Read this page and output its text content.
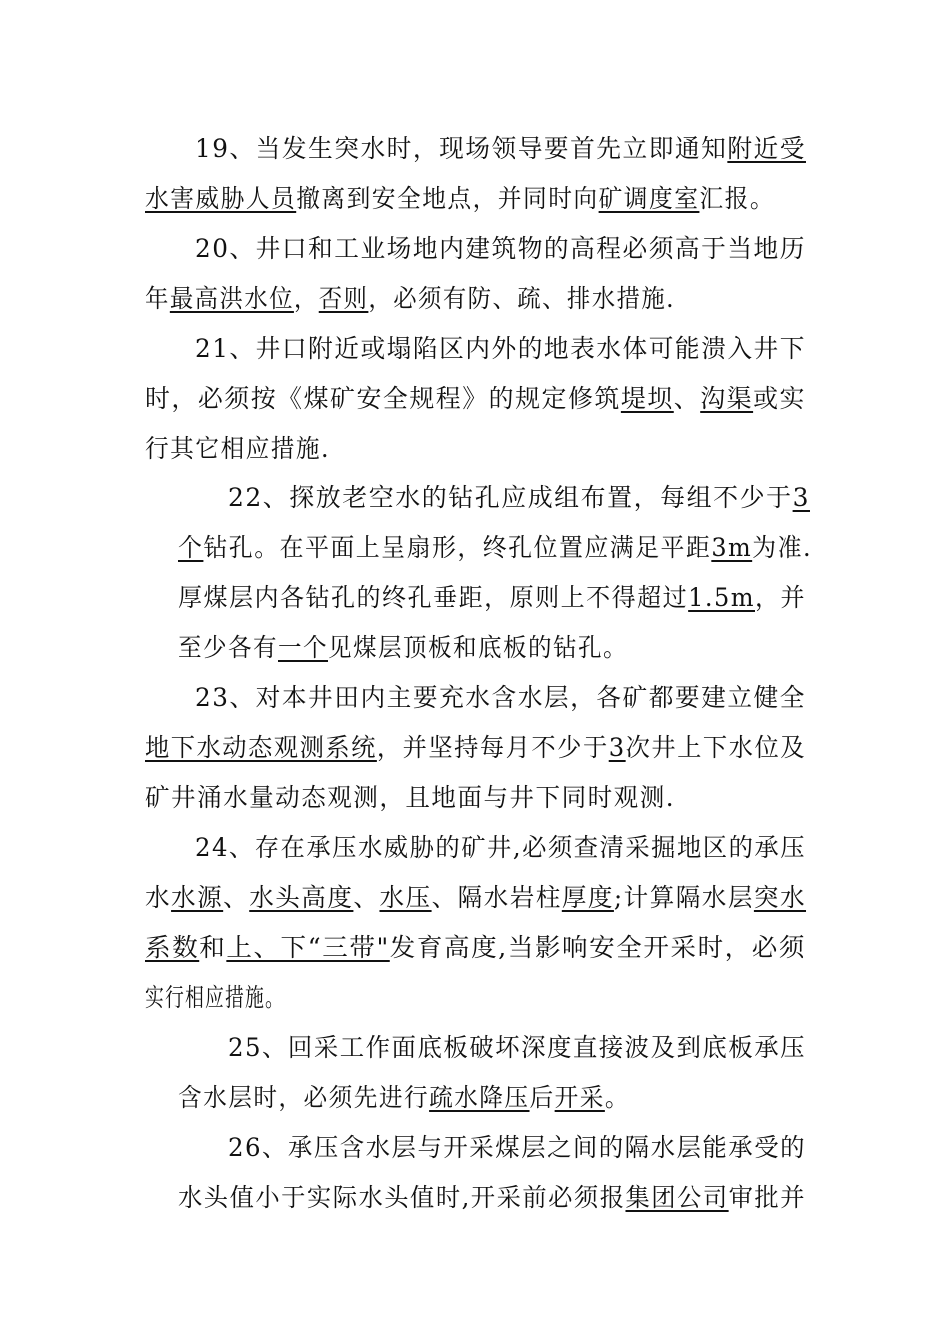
19、当发生突水时，现场领导要首先立即通知附近受
水害威胁人员撤离到安全地点，并同时向矿调度室汇报。
20、井口和工业场地内建筑物的高程必须高于当地历
年最高洪水位，否则，必须有防、疏、排水措施.
21、井口附近或塌陷区内外的地表水体可能溃入井下
时，必须按《煤矿安全规程》的规定修筑堤坝、沟渠或实
行其它相应措施.
22、探放老空水的钻孔应成组布置，每组不少于3
个钻孔。在平面上呈扇形，终孔位置应满足平距3m为准.
厚煤层内各钻孔的终孔垂距，原则上不得超过1.5m，并
至少各有一个见煤层顶板和底板的钻孔。
23、对本井田内主要充水含水层，各矿都要建立健全
地下水动态观测系统，并坚持每月不少于3次井上下水位及
矿井涌水量动态观测，且地面与井下同时观测.
24、存在承压水威胁的矿井,必须查清采掘地区的承压
水水源、水头高度、水压、隔水岩柱厚度;计算隔水层突水
系数和上、下“三带"发育高度,当影响安全开采时，必须
实行相应措施。
25、回采工作面底板破坏深度直接波及到底板承压
含水层时，必须先进行疏水降压后开采。
26、承压含水层与开采煤层之间的隔水层能承受的
水头值小于实际水头值时,开采前必须报集团公司审批并
